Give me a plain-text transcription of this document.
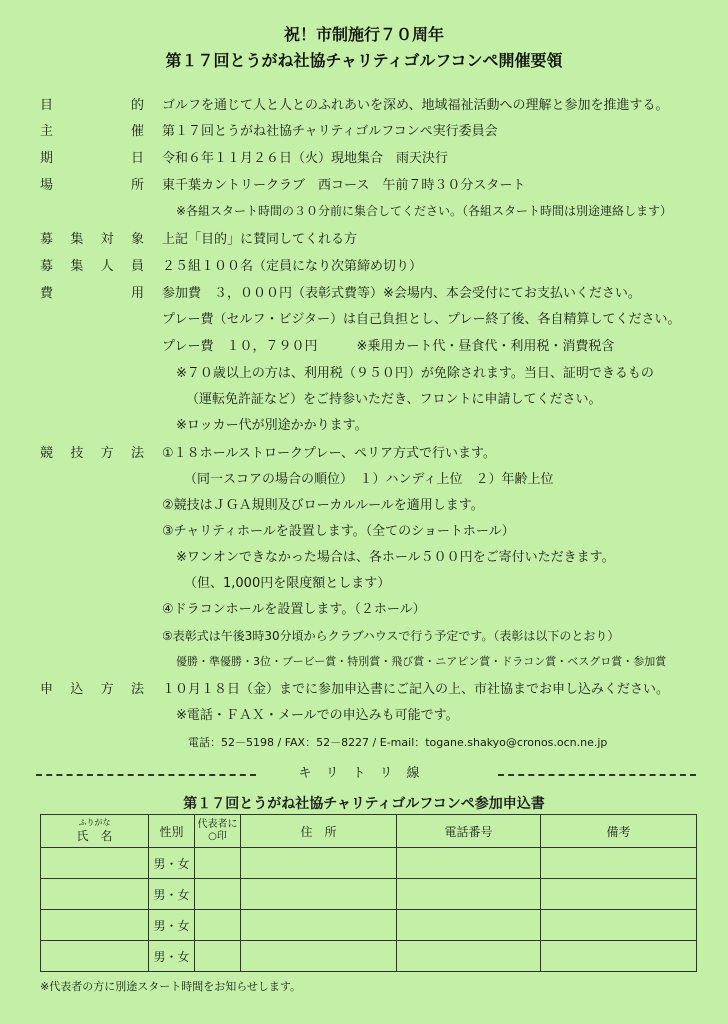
祝！市制施行７０周年
第１７回とうがね社協チャリティゴルフコンペ開催要領
目	的 ゴルフを通じて人と人とのふれあいを深め、地域福祉活動への理解と参加を推進する。
主	催 第１７回とうがね社協チャリティゴルフコンペ実行委員会
期	日 令和６年１１月２６日（火）現地集合　雨天決行
場	所 東千葉カントリークラブ　西コース　午前７時３０分スタート
※各組スタート時間の３０分前に集合してください。（各組スタート時間は別途連絡します）
募 集 対 象 上記「目的」に賛同してくれる方
募 集 人 員 ２５組１００名（定員になり次第締め切り）
費	用 参加費　３，０００円（表彰式費等）※会場内、本会受付にてお支払いください。
プレー費（セルフ・ビジター）は自己負担とし、プレー終了後、各自精算してください。
プレー費　１０，７９０円　　　※乗用カート代・昼食代・利用税・消費税含
※７０歳以上の方は、利用税（９５０円）が免除されます。当日、証明できるもの
（運転免許証など）をご持参いただき、フロントに申請してください。
※ロッカー代が別途かかります。
競 技 方 法 ①１８ホールストロークプレー、ペリア方式で行います。
（同一スコアの場合の順位）　１）ハンディ上位　２）年齢上位
②競技はＪＧＡ規則及びローカルルールを適用します。
③チャリティホールを設置します。（全てのショートホール）
※ワンオンできなかった場合は、各ホール５００円をご寄付いただきます。
（但、1,000円を限度額とします）
④ドラコンホールを設置します。（２ホール）
⑤表彰式は午後3時30分頃からクラブハウスで行う予定です。（表彰は以下のとおり）
優勝・準優勝・3位・ブービー賞・特別賞・飛び賞・ニアピン賞・ドラコン賞・ベスグロ賞・参加賞
申 込 方 法 １０月１８日（金）までに参加申込書にご記入の上、市社協までお申し込みください。
※電話・ＦＡＸ・メールでの申込みも可能です。
電話：52－5198 / FAX：52－8227 / E-mail：togane.shakyo@cronos.ocn.ne.jp
キリトリ線
第１７回とうがね社協チャリティゴルフコンペ参加申込書
ふりがな
氏　名	性別	代表者に○印	住　所	電話番号	備考
	男・女				
	男・女				
	男・女				
	男・女				
※代表者の方に別途スタート時間をお知らせします。
